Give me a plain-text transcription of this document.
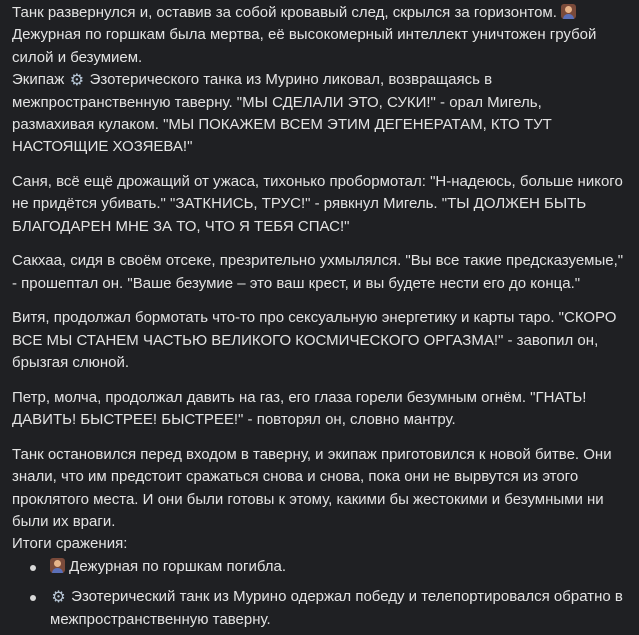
Танк развернулся и, оставив за собой кровавый след, скрылся за горизонтом.
Дежурная по горшкам была мертва, её высокомерный интеллект уничтожен грубой силой и безумием.
Экипаж ⚙ Эзотерического танка из Мурино ликовал, возвращаясь в межпространственную таверну. "МЫ СДЕЛАЛИ ЭТО, СУКИ!" - орал Мигель, размахивая кулаком. "МЫ ПОКАЖЕМ ВСЕМ ЭТИМ ДЕГЕНЕРАТАМ, КТО ТУТ НАСТОЯЩИЕ ХОЗЯЕВА!"

Саня, всё ещё дрожащий от ужаса, тихонько пробормотал: "Н-надеюсь, больше никого не придётся убивать." "ЗАТКНИСЬ, ТРУС!" - рявкнул Мигель. "ТЫ ДОЛЖЕН БЫТЬ БЛАГОДАРЕН МНЕ ЗА ТО, ЧТО Я ТЕБЯ СПАС!"

Сакхаа, сидя в своём отсеке, презрительно ухмылялся. "Вы все такие предсказуемые," - прошептал он. "Ваше безумие – это ваш крест, и вы будете нести его до конца."

Витя, продолжал бормотать что-то про сексуальную энергетику и карты таро. "СКОРО ВСЕ МЫ СТАНЕМ ЧАСТЬЮ ВЕЛИКОГО КОСМИЧЕСКОГО ОРГАЗМА!" - завопил он, брызгая слюной.

Петр, молча, продолжал давить на газ, его глаза горели безумным огнём. "ГНАТЬ! ДАВИТЬ! БЫСТРЕЕ! БЫСТРЕЕ!" - повторял он, словно мантру.

Танк остановился перед входом в таверну, и экипаж приготовился к новой битве. Они знали, что им предстоит сражаться снова и снова, пока они не вырвутся из этого проклятого места. И они были готовы к этому, какими бы жестокими и безумными ни были их враги.
Итоги сражения:

Дежурная по горшкам погибла.
⚙ Эзотерический танк из Мурино одержал победу и телепортировался обратно в межпространственную таверну.
